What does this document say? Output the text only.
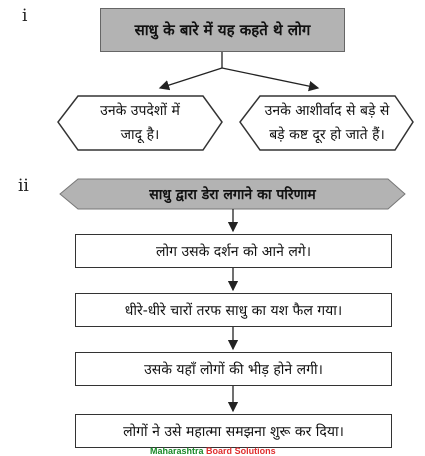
i
ii
साधु के बारे में यह कहते थे लोग
उनके उपदेशों में
जादू है।
उनके आशीर्वाद से बड़े से
बड़े कष्ट दूर हो जाते हैं।
साधु द्वारा डेरा लगाने का परिणाम
लोग उसके दर्शन को आने लगे।
धीरे-धीरे चारों तरफ साधु का यश फैल गया।
उसके यहाँ लोगों की भीड़ होने लगी।
लोगों ने उसे महात्मा समझना शुरू कर दिया।
Maharashtra Board Solutions
